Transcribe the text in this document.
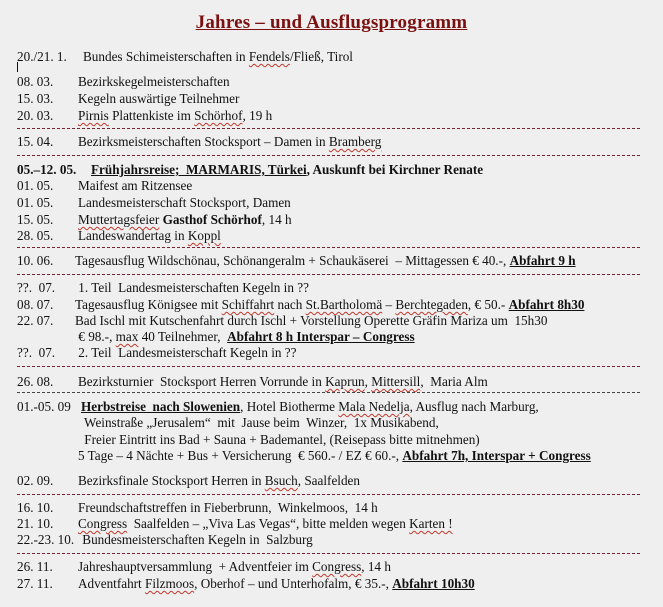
Jahres – und Ausflugsprogramm
20./21. 1. Bundes Schimeisterschaften in Fendels/Fließ, Tirol
08. 03. Bezirkskegelmeisterschaften
15. 03. Kegeln auswärtige Teilnehmer
20. 03. Pirnis Plattenkiste im Schörhof, 19 h
15. 04. Bezirksmeisterschaften Stocksport – Damen in Bramberg
05.–12. 05. Frühjahrsreise;  MARMARIS, Türkei, Auskunft bei Kirchner Renate
01. 05. Maifest am Ritzensee
01. 05. Landesmeisterschaft Stocksport, Damen
15. 05. Muttertagsfeier Gasthof Schörhof, 14 h
28. 05. Landeswandertag in Koppl
10. 06. Tagesausflug Wildschönau, Schönangeralm + Schaukäserei  – Mittagessen € 40.-, Abfahrt 9 h
??.  07. 1. Teil  Landesmeisterschaften Kegeln in ??
08. 07. Tagesausflug Königsee mit Schiffahrt nach St.Bartholomä – Berchtegaden, € 50.- Abfahrt 8h30
22. 07. Bad Ischl mit Kutschenfahrt durch Ischl + Vorstellung Operette Gräfin Mariza um  15h30
€ 98.-, max 40 Teilnehmer,  Abfahrt 8 h Interspar – Congress
??.  07. 2. Teil  Landesmeisterschaft Kegeln in ??
26. 08. Bezirksturnier  Stocksport Herren Vorrunde in Kaprun, Mittersill,  Maria Alm
01.-05. 09 Herbstreise  nach Slowenien, Hotel Biotherme Mala Nedelja, Ausflug nach Marburg,
Weinstraße „Jerusalem“  mit  Jause beim  Winzer,  1x Musikabend,
Freier Eintritt ins Bad + Sauna + Bademantel, (Reisepass bitte mitnehmen)
5 Tage – 4 Nächte + Bus + Versicherung  € 560.- / EZ € 60.-, Abfahrt 7h, Interspar + Congress
02. 09. Bezirksfinale Stocksport Herren in Bsuch, Saalfelden
16. 10. Freundschaftstreffen in Fieberbrunn,  Winkelmoos,  14 h
21. 10. Congress  Saalfelden – „Viva Las Vegas“, bitte melden wegen Karten !
22.-23. 10. Bundesmeisterschaften Kegeln in  Salzburg
26. 11. Jahreshauptversammlung  + Adventfeier im Congress, 14 h
27. 11. Adventfahrt Filzmoos, Oberhof – und Unterhofalm, € 35.-, Abfahrt 10h30
